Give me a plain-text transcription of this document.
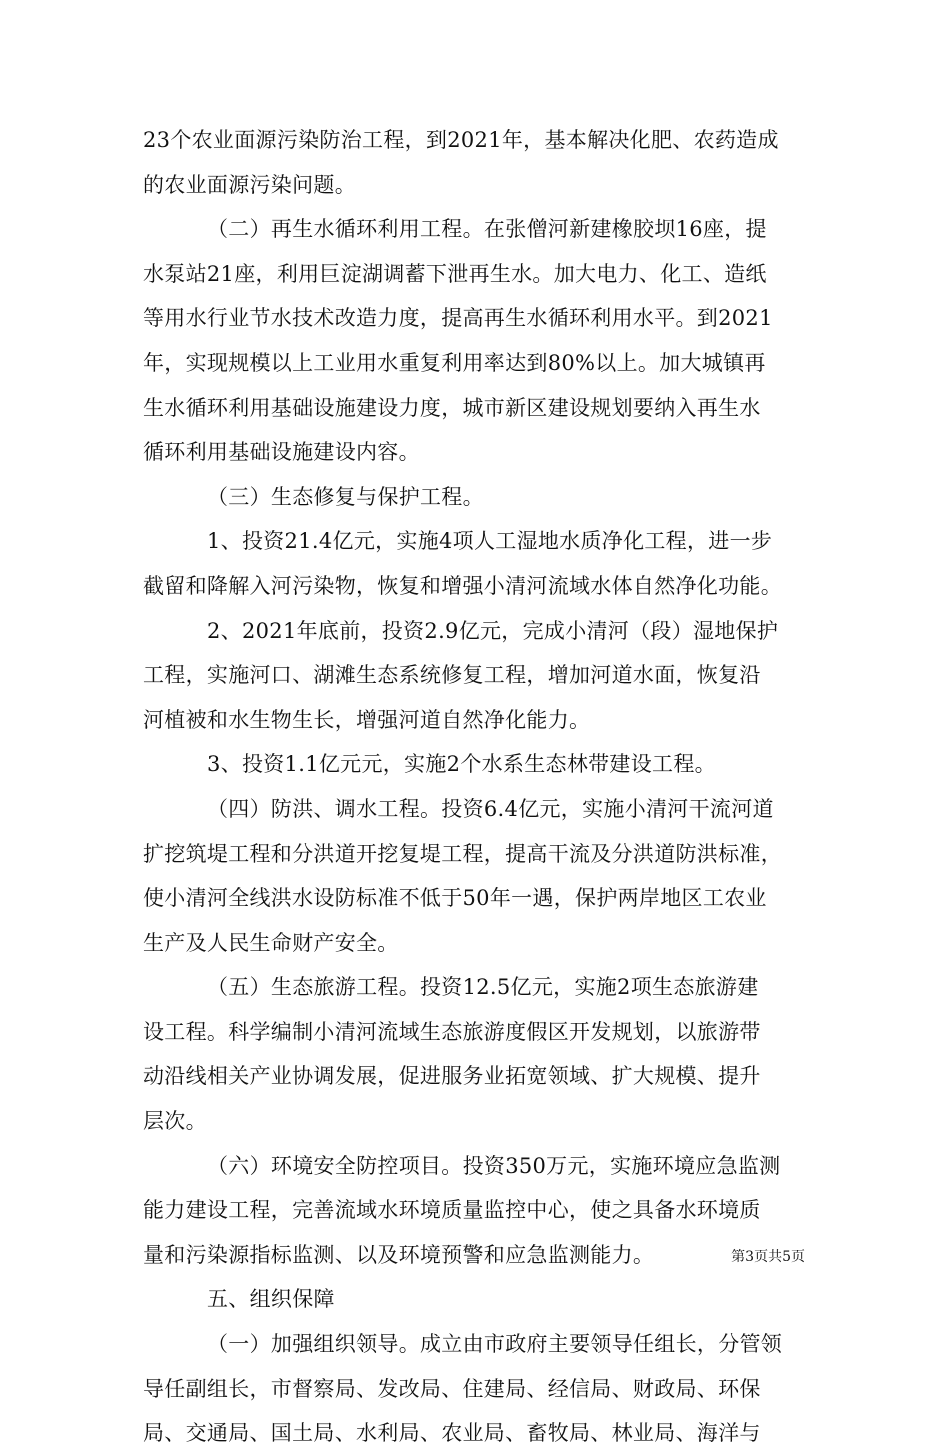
23个农业面源污染防治工程，到2021年，基本解决化肥、农药造成
的农业面源污染问题。

（二）再生水循环利用工程。在张僧河新建橡胶坝16座，提
水泵站21座，利用巨淀湖调蓄下泄再生水。加大电力、化工、造纸
等用水行业节水技术改造力度，提高再生水循环利用水平。到2021
年，实现规模以上工业用水重复利用率达到80%以上。加大城镇再
生水循环利用基础设施建设力度，城市新区建设规划要纳入再生水
循环利用基础设施建设内容。

（三）生态修复与保护工程。

1、投资21.4亿元，实施4项人工湿地水质净化工程，进一步
截留和降解入河污染物，恢复和增强小清河流域水体自然净化功能。

2、2021年底前，投资2.9亿元，完成小清河（段）湿地保护
工程，实施河口、湖滩生态系统修复工程，增加河道水面，恢复沿
河植被和水生物生长，增强河道自然净化能力。

3、投资1.1亿元元，实施2个水系生态林带建设工程。

（四）防洪、调水工程。投资6.4亿元，实施小清河干流河道
扩挖筑堤工程和分洪道开挖复堤工程，提高干流及分洪道防洪标准，
使小清河全线洪水设防标准不低于50年一遇，保护两岸地区工农业
生产及人民生命财产安全。

（五）生态旅游工程。投资12.5亿元，实施2项生态旅游建
设工程。科学编制小清河流域生态旅游度假区开发规划，以旅游带
动沿线相关产业协调发展，促进服务业拓宽领域、扩大规模、提升
层次。

（六）环境安全防控项目。投资350万元，实施环境应急监测
能力建设工程，完善流域水环境质量监控中心，使之具备水环境质
量和污染源指标监测、以及环境预警和应急监测能力。

五、组织保障

（一）加强组织领导。成立由市政府主要领导任组长，分管领
导任副组长，市督察局、发改局、住建局、经信局、财政局、环保
局、交通局、国土局、水利局、农业局、畜牧局、林业局、海洋与

第3页共5页
